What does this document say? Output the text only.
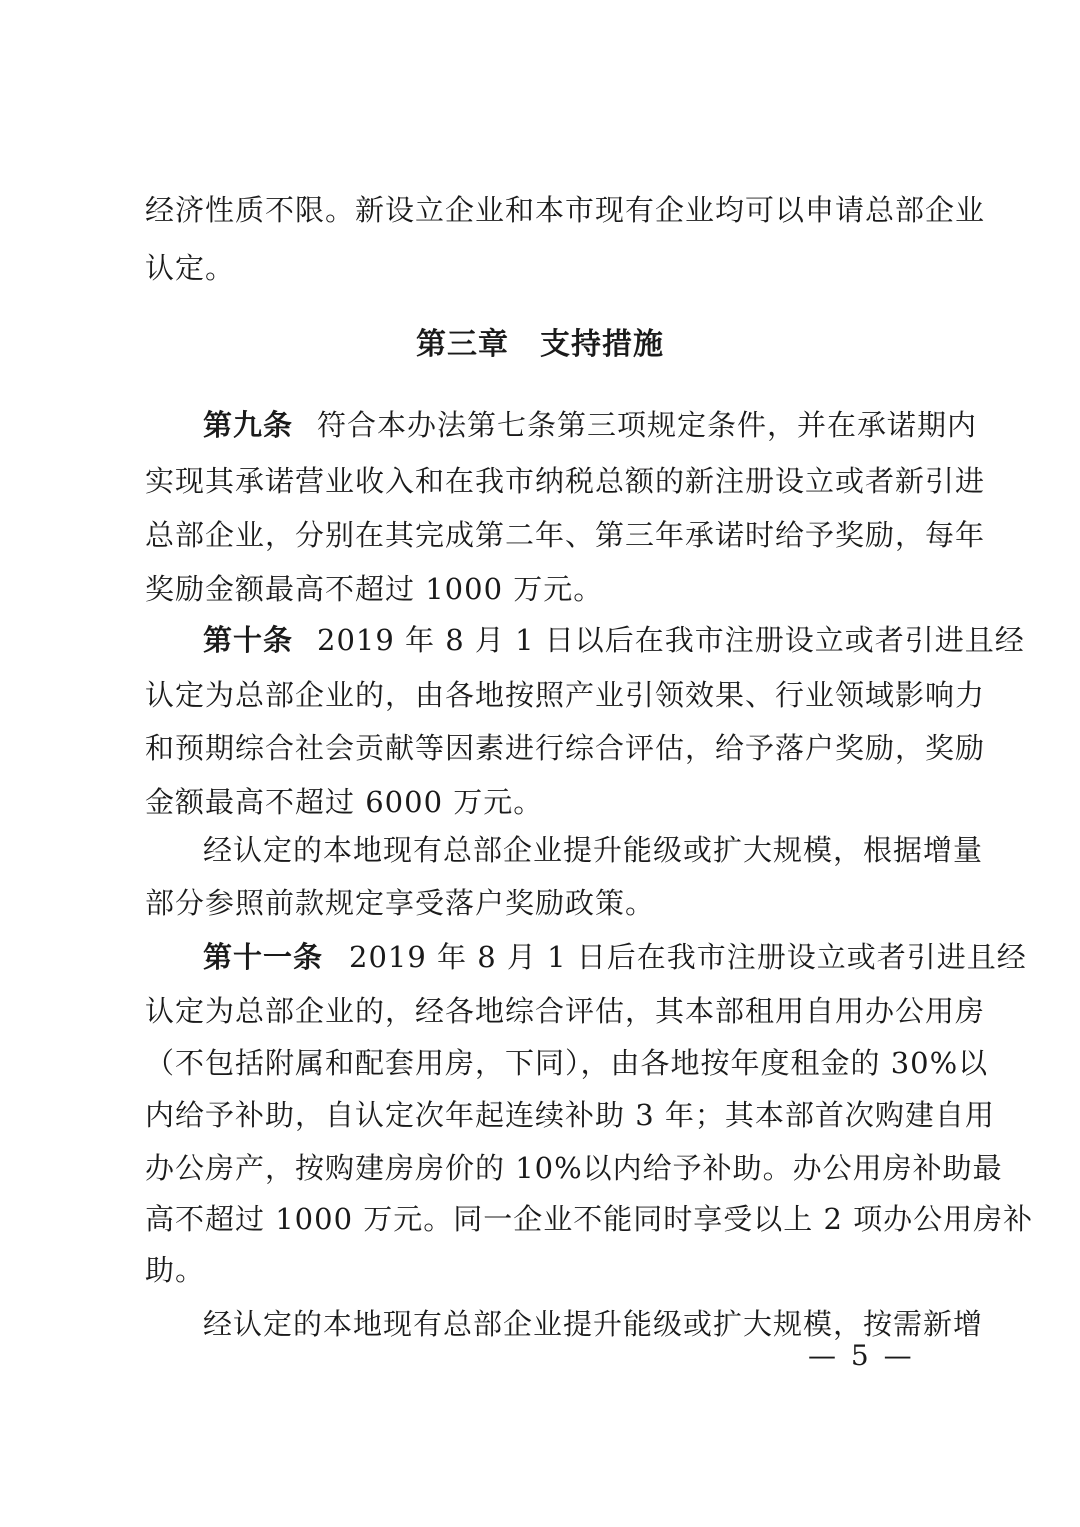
经济性质不限。新设立企业和本市现有企业均可以申请总部企业
认定。
第三章　支持措施
第九条 符合本办法第七条第三项规定条件，并在承诺期内
实现其承诺营业收入和在我市纳税总额的新注册设立或者新引进
总部企业，分别在其完成第二年、第三年承诺时给予奖励，每年
奖励金额最高不超过 1000 万元。
第十条 2019 年 8 月 1 日以后在我市注册设立或者引进且经
认定为总部企业的，由各地按照产业引领效果、行业领域影响力
和预期综合社会贡献等因素进行综合评估，给予落户奖励，奖励
金额最高不超过 6000 万元。
经认定的本地现有总部企业提升能级或扩大规模，根据增量
部分参照前款规定享受落户奖励政策。
第十一条 2019 年 8 月 1 日后在我市注册设立或者引进且经
认定为总部企业的，经各地综合评估，其本部租用自用办公用房
（不包括附属和配套用房，下同），由各地按年度租金的 30%以
内给予补助，自认定次年起连续补助 3 年；其本部首次购建自用
办公房产，按购建房房价的 10%以内给予补助。办公用房补助最
高不超过 1000 万元。同一企业不能同时享受以上 2 项办公用房补
助。
经认定的本地现有总部企业提升能级或扩大规模，按需新增
— 5 —
